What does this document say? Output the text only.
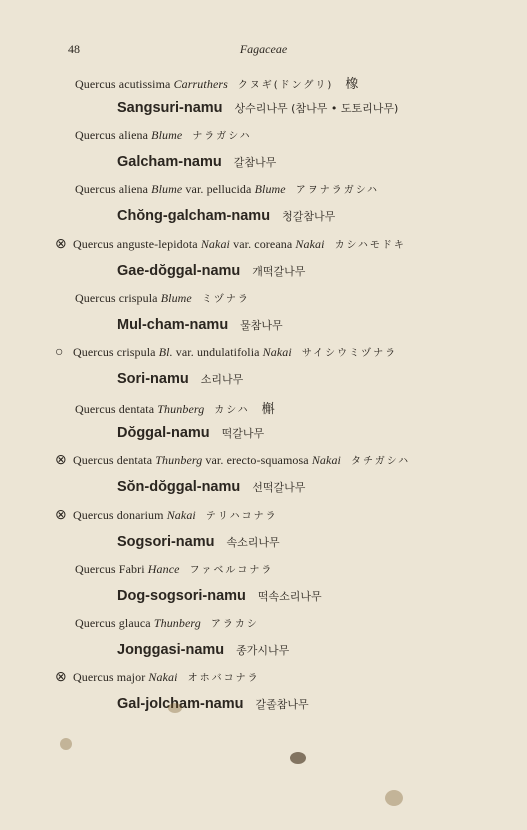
48	Fagaceae
Quercus acutissima Carruthers クヌギ(ドングリ) 橡
Sangsuri-namu 상수리나무 (참나무 • 도토리나무)
Quercus aliena Blume ナラガシハ
Galcham-namu 갈참나무
Quercus aliena Blume var. pellucida Blume アヲナラガシハ
Chŏng-galcham-namu 청갈참나무
⊗ Quercus anguste-lepidota Nakai var. coreana Nakai カシハモドキ
Gae-dŏggal-namu 개떡갈나무
Quercus crispula Blume ミヅナラ
Mul-cham-namu 물참나무
○ Quercus crispula Bl. var. undulatifolia Nakai サイシウミヅナラ
Sori-namu 소리나무
Quercus dentata Thunberg カシハ 槲
Dŏggal-namu 떡갈나무
⊗ Quercus dentata Thunberg var. erecto-squamosa Nakai タチガシハ
Sŏn-dŏggal-namu 선떡갈나무
⊗ Quercus donarium Nakai テリハコナラ
Sogsori-namu 속소리나무
Quercus Fabri Hance ファベルコナラ
Dog-sogsori-namu 떡속소리나무
Quercus glauca Thunberg アラカシ
Jonggasi-namu 종가시나무
⊗ Quercus major Nakai オホバコナラ
Gal-jolcham-namu 갈졸참나무
